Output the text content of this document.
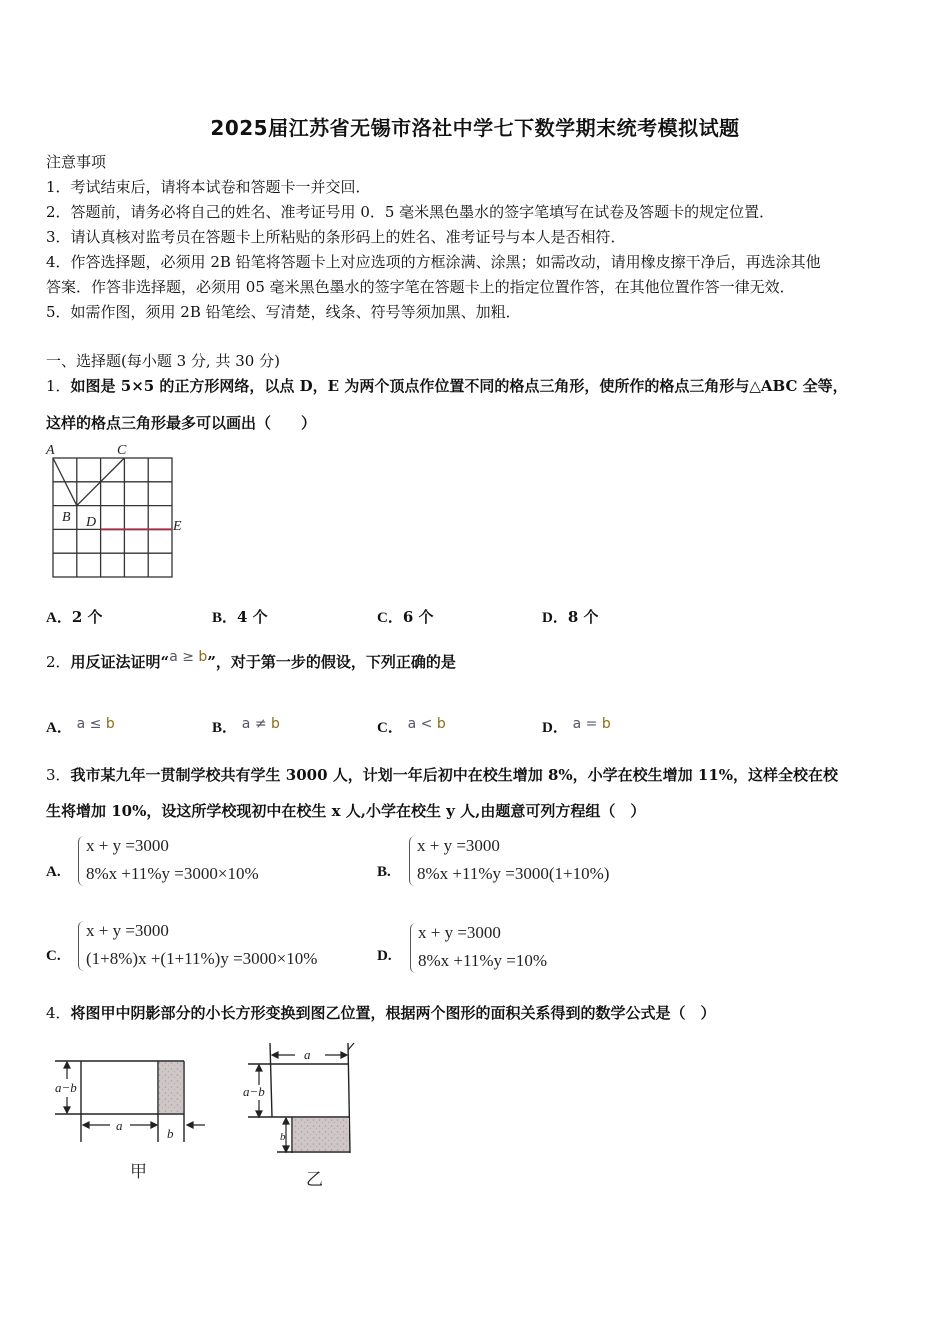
2025届江苏省无锡市洛社中学七下数学期末统考模拟试题
注意事项
1．考试结束后，请将本试卷和答题卡一并交回．
2．答题前，请务必将自己的姓名、准考证号用 0．5 毫米黑色墨水的签字笔填写在试卷及答题卡的规定位置．
3．请认真核对监考员在答题卡上所粘贴的条形码上的姓名、准考证号与本人是否相符．
4．作答选择题，必须用 2B 铅笔将答题卡上对应选项的方框涂满、涂黑；如需改动，请用橡皮擦干净后，再选涂其他
答案．作答非选择题，必须用 05 毫米黑色墨水的签字笔在答题卡上的指定位置作答，在其他位置作答一律无效．
5．如需作图，须用 2B 铅笔绘、写清楚，线条、符号等须加黑、加粗．
一、选择题(每小题 3 分, 共 30 分)
1．如图是 5×5 的正方形网络，以点 D，E 为两个顶点作位置不同的格点三角形，使所作的格点三角形与△ABC 全等，
这样的格点三角形最多可以画出（　　）
A	C
B D	E
A．2 个	B．4 个	C．6 个	D．8 个
2．用反证法证明“a ≥ b”，对于第一步的假设，下列正确的是
A． a ≤ b	B． a ≠ b	C． a < b	D． a = b
3．我市某九年一贯制学校共有学生 3000 人，计划一年后初中在校生增加 8%，小学在校生增加 11%，这样全校在校
生将增加 10%，设这所学校现初中在校生 x 人,小学在校生 y 人,由题意可列方程组（　）
A.
x + y =3000
8%x +11%y =3000×10%	B.
x + y =3000
8%x +11%y =3000(1+10%)
C.
x + y =3000
(1+8%)x +(1+11%)y =3000×10%	D.
x + y =3000
8%x +11%y =10%
4．将图甲中阴影部分的小长方形变换到图乙位置，根据两个图形的面积关系得到的数学公式是（　）
a−b
a
b
甲
a
a−b
b
乙
